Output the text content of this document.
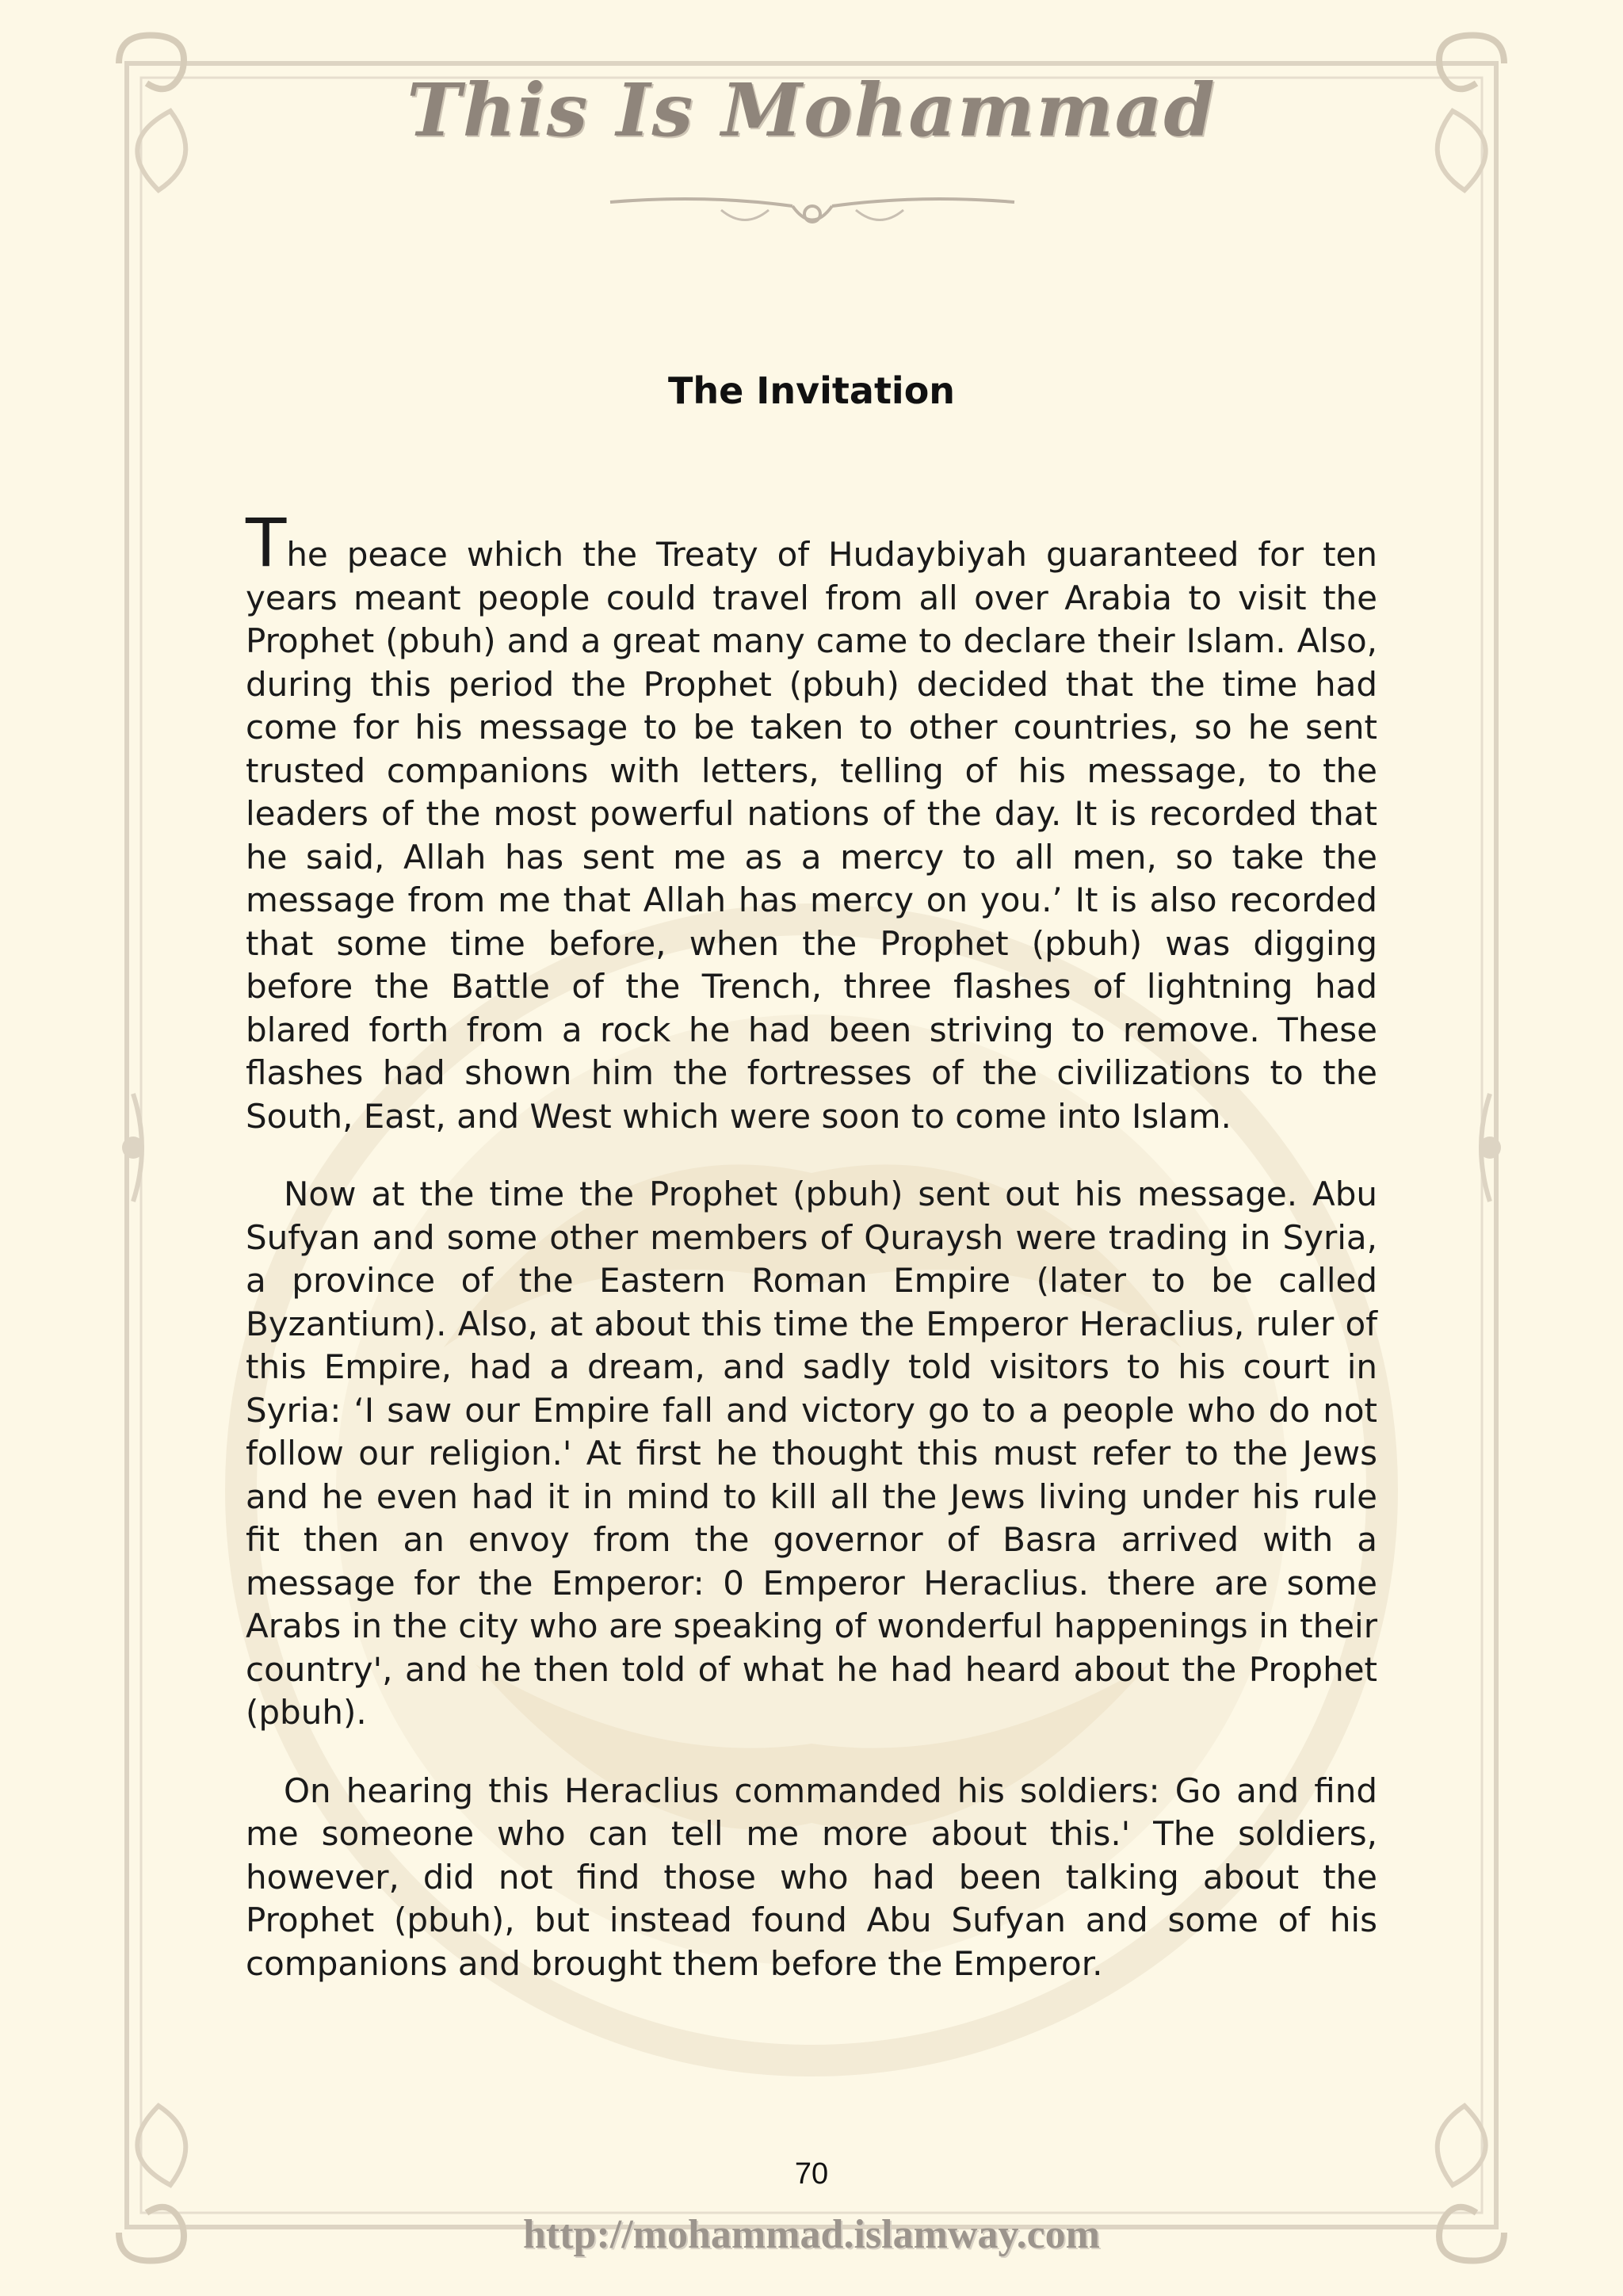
This Is Mohammad
The Invitation

The peace which the Treaty of Hudaybiyah guaranteed for ten years meant people could travel from all over Arabia to visit the Prophet (pbuh) and a great many came to declare their Islam. Also, during this period the Prophet (pbuh) decided that the time had come for his message to be taken to other countries, so he sent trusted companions with letters, telling of his message, to the leaders of the most powerful nations of the day. It is recorded that he said, Allah has sent me as a mercy to all men, so take the message from me that Allah has mercy on you.’ It is also recorded that some time before, when the Prophet (pbuh) was digging before the Battle of the Trench, three flashes of lightning had blared forth from a rock he had been striving to remove. These flashes had shown him the fortresses of the civilizations to the South, East, and West which were soon to come into Islam.

Now at the time the Prophet (pbuh) sent out his message. Abu Sufyan and some other members of Quraysh were trading in Syria, a province of the Eastern Roman Empire (later to be called Byzantium). Also, at about this time the Emperor Heraclius, ruler of this Empire, had a dream, and sadly told visitors to his court in Syria: ‘I saw our Empire fall and victory go to a people who do not follow our religion.' At first he thought this must refer to the Jews and he even had it in mind to kill all the Jews living under his rule fit then an envoy from the governor of Basra arrived with a message for the Emperor: 0 Emperor Heraclius. there are some Arabs in the city who are speaking of wonderful happenings in their country', and he then told of what he had heard about the Prophet (pbuh).

On hearing this Heraclius commanded his soldiers: Go and find me someone who can tell me more about this.' The soldiers, however, did not find those who had been talking about the Prophet (pbuh), but instead found Abu Sufyan and some of his companions and brought them before the Emperor.

70
http://mohammad.islamway.com
